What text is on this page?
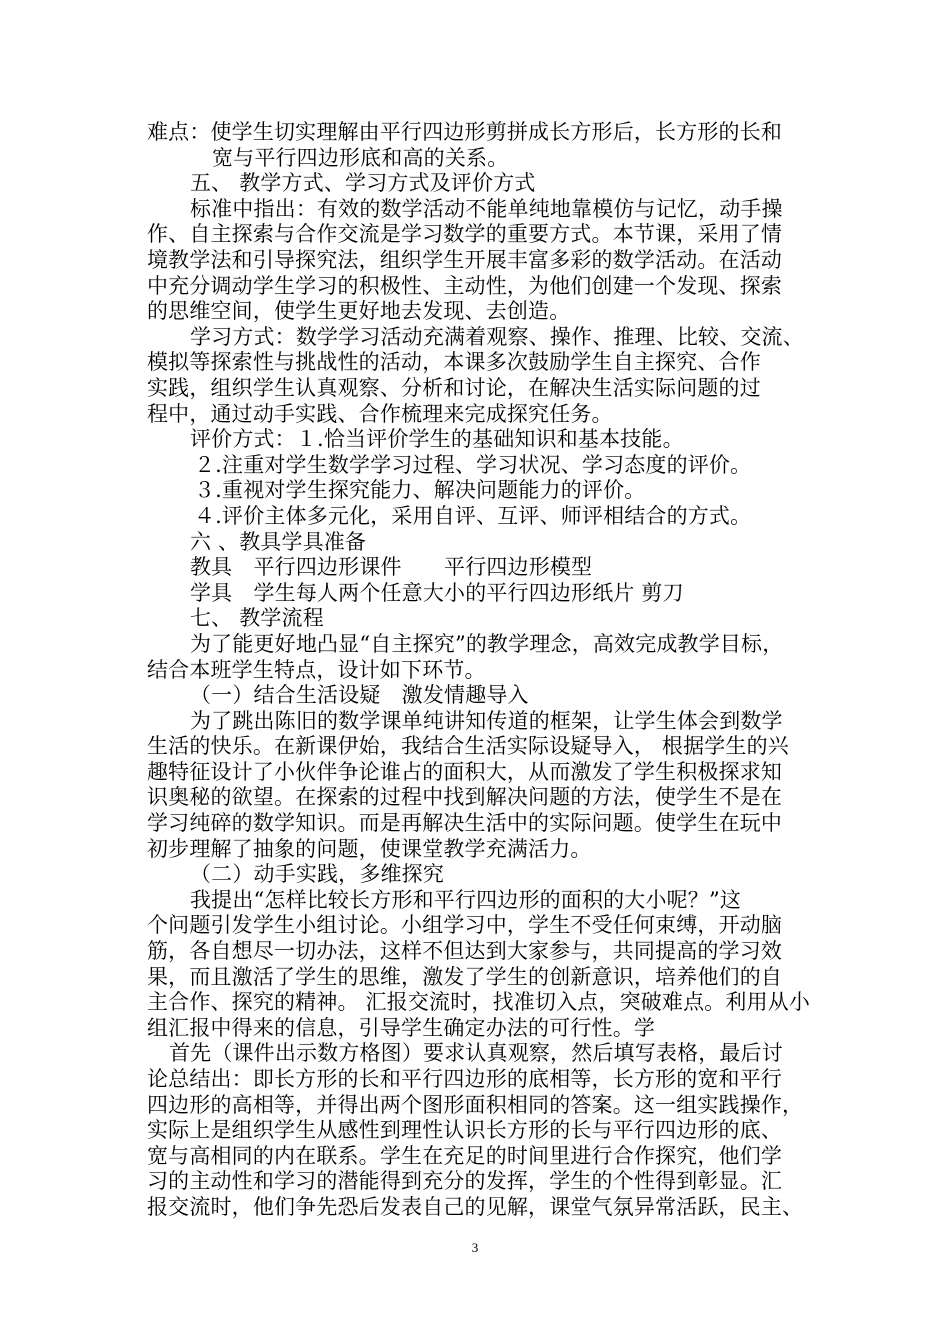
难点：使学生切实理解由平行四边形剪拼成长方形后，长方形的长和
宽与平行四边形底和高的关系。
五、 教学方式、学习方式及评价方式
标准中指出：有效的数学活动不能单纯地靠模仿与记忆，动手操
作、自主探索与合作交流是学习数学的重要方式。本节课，采用了情
境教学法和引导探究法，组织学生开展丰富多彩的数学活动。在活动
中充分调动学生学习的积极性、主动性，为他们创建一个发现、探索
的思维空间，使学生更好地去发现、去创造。
学习方式：数学学习活动充满着观察、操作、推理、比较、交流、
模拟等探索性与挑战性的活动，本课多次鼓励学生自主探究、合作
实践，组织学生认真观察、分析和讨论，在解决生活实际问题的过
程中，通过动手实践、合作梳理来完成探究任务。
评价方式：１.恰当评价学生的基础知识和基本技能。
２.注重对学生数学学习过程、学习状况、学习态度的评价。
３.重视对学生探究能力、解决问题能力的评价。
４.评价主体多元化，采用自评、互评、师评相结合的方式。
六 、教具学具准备
教具　平行四边形课件　　平行四边形模型
学具　学生每人两个任意大小的平行四边形纸片 剪刀
七、 教学流程
为了能更好地凸显“自主探究”的教学理念，高效完成教学目标，
结合本班学生特点，设计如下环节。
（一）结合生活设疑　激发情趣导入
为了跳出陈旧的数学课单纯讲知传道的框架，让学生体会到数学
生活的快乐。在新课伊始，我结合生活实际设疑导入， 根据学生的兴
趣特征设计了小伙伴争论谁占的面积大，从而激发了学生积极探求知
识奥秘的欲望。在探索的过程中找到解决问题的方法，使学生不是在
学习纯碎的数学知识。而是再解决生活中的实际问题。使学生在玩中
初步理解了抽象的问题，使课堂教学充满活力。
（二）动手实践，多维探究
我提出“怎样比较长方形和平行四边形的面积的大小呢？”这
个问题引发学生小组讨论。小组学习中，学生不受任何束缚，开动脑
筋，各自想尽一切办法，这样不但达到大家参与，共同提高的学习效
果，而且激活了学生的思维，激发了学生的创新意识，培养他们的自
主合作、探究的精神。 汇报交流时，找准切入点，突破难点。利用从小
组汇报中得来的信息，引导学生确定办法的可行性。学
首先（课件出示数方格图）要求认真观察，然后填写表格，最后讨
论总结出：即长方形的长和平行四边形的底相等，长方形的宽和平行
四边形的高相等，并得出两个图形面积相同的答案。这一组实践操作，
实际上是组织学生从感性到理性认识长方形的长与平行四边形的底、
宽与高相同的内在联系。学生在充足的时间里进行合作探究，他们学
习的主动性和学习的潜能得到充分的发挥，学生的个性得到彰显。汇
报交流时，他们争先恐后发表自己的见解，课堂气氛异常活跃，民主、
3
